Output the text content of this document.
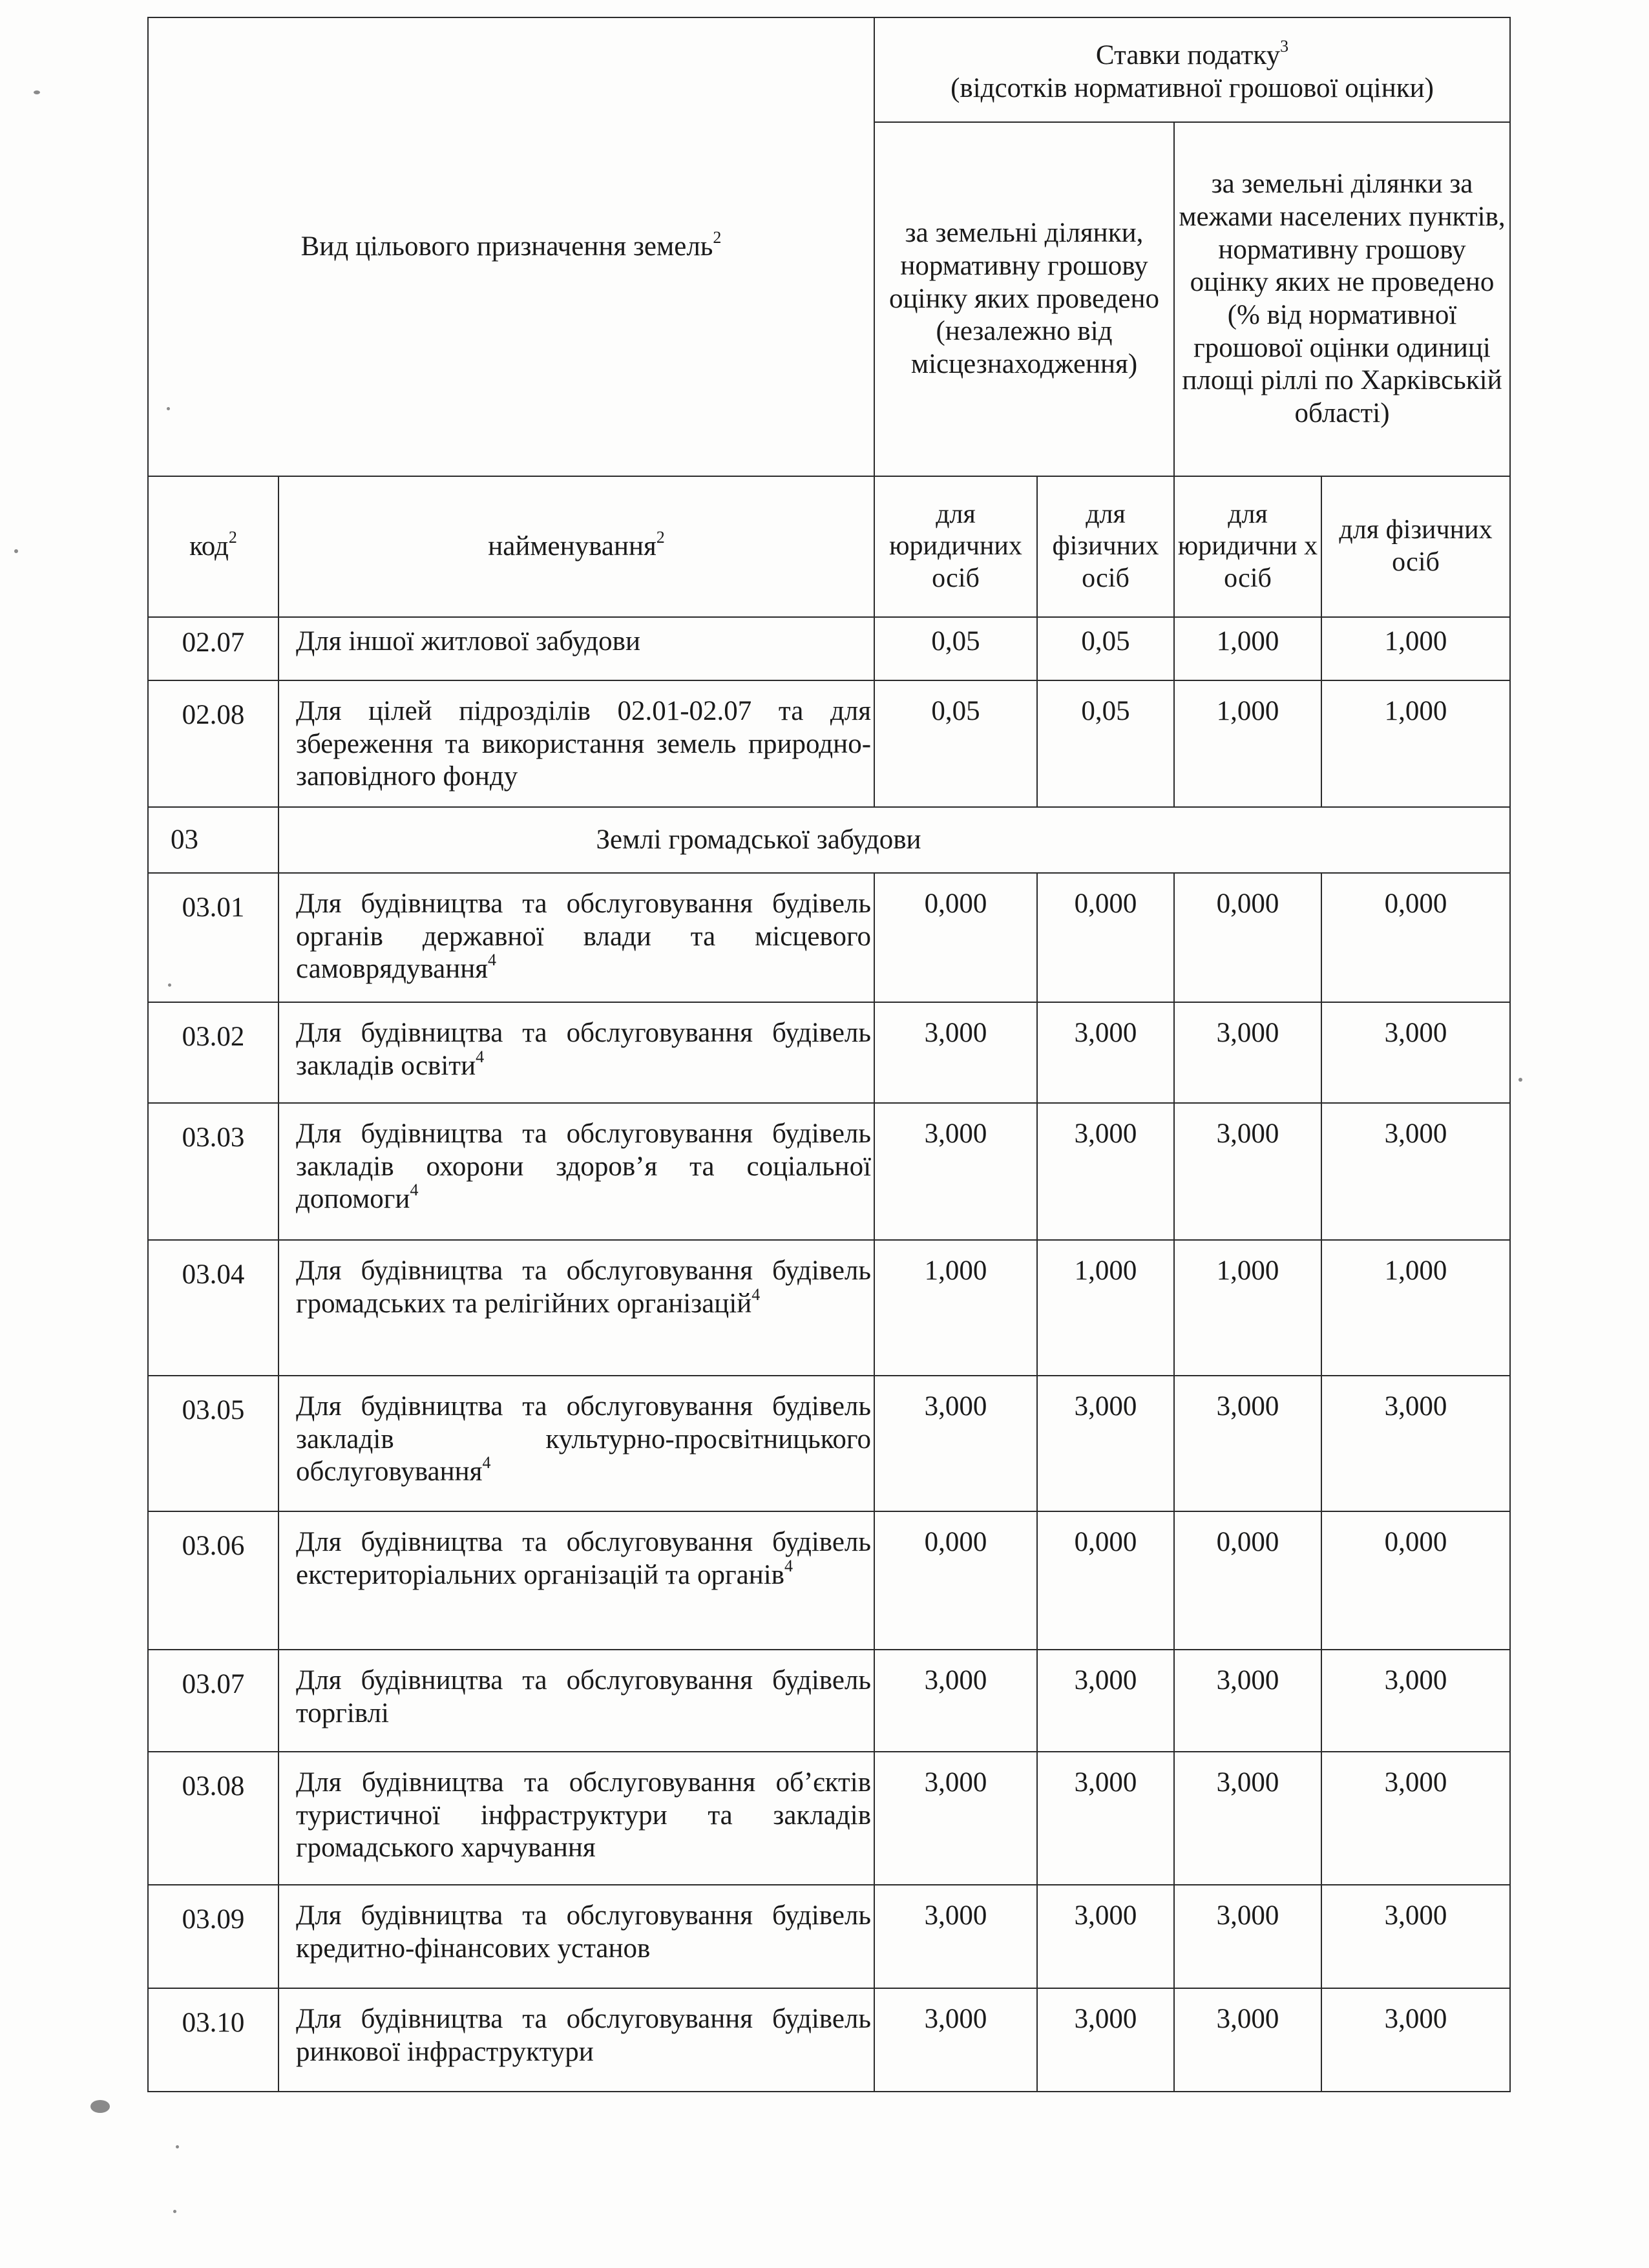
Вид цільового призначення земель$^2$		Ставки податку$^3$
(відсотків нормативної грошової оцінки)			

		за земельні ділянки, нормативну грошову оцінку яких проведено (незалежно від місцезнаходження)		за земельні ділянки за межами населених пунктів, нормативну грошову оцінку яких не проведено (% від нормативної грошової оцінки одиниці площі ріллі по Харківській області)	
код$^2$	найменування$^2$	для юридичних осіб	для фізичних осіб	для юридични х осіб	для фізичних осіб
02.07	Для іншої житлової забудови	0,05	0,05	1,000	1,000
02.08	Для цілей підрозділів 02.01-02.07 та для збереження та використання земель природно-заповідного фонду	0,05	0,05	1,000	1,000
03	Землі громадської забудови				
03.01	Для будівництва та обслуговування будівель органів державної влади та місцевого самоврядування$^4$	0,000	0,000	0,000	0,000
03.02	Для будівництва та обслуговування будівель закладів освіти$^4$	3,000	3,000	3,000	3,000
03.03	Для будівництва та обслуговування будівель закладів охорони здоров’я та соціальної допомоги$^4$	3,000	3,000	3,000	3,000
03.04	Для будівництва та обслуговування будівель громадських та релігійних організацій$^4$	1,000	1,000	1,000	1,000
03.05	Для будівництва та обслуговування будівель закладів культурно-просвітницького обслуговування$^4$	3,000	3,000	3,000	3,000
03.06	Для будівництва та обслуговування будівель екстериторіальних організацій та органів$^4$	0,000	0,000	0,000	0,000
03.07	Для будівництва та обслуговування будівель торгівлі	3,000	3,000	3,000	3,000
03.08	Для будівництва та обслуговування об’єктів туристичної інфраструктури та закладів громадського харчування	3,000	3,000	3,000	3,000
03.09	Для будівництва та обслуговування будівель кредитно-фінансових установ	3,000	3,000	3,000	3,000
03.10	Для будівництва та обслуговування будівель ринкової інфраструктури	3,000	3,000	3,000	3,000
